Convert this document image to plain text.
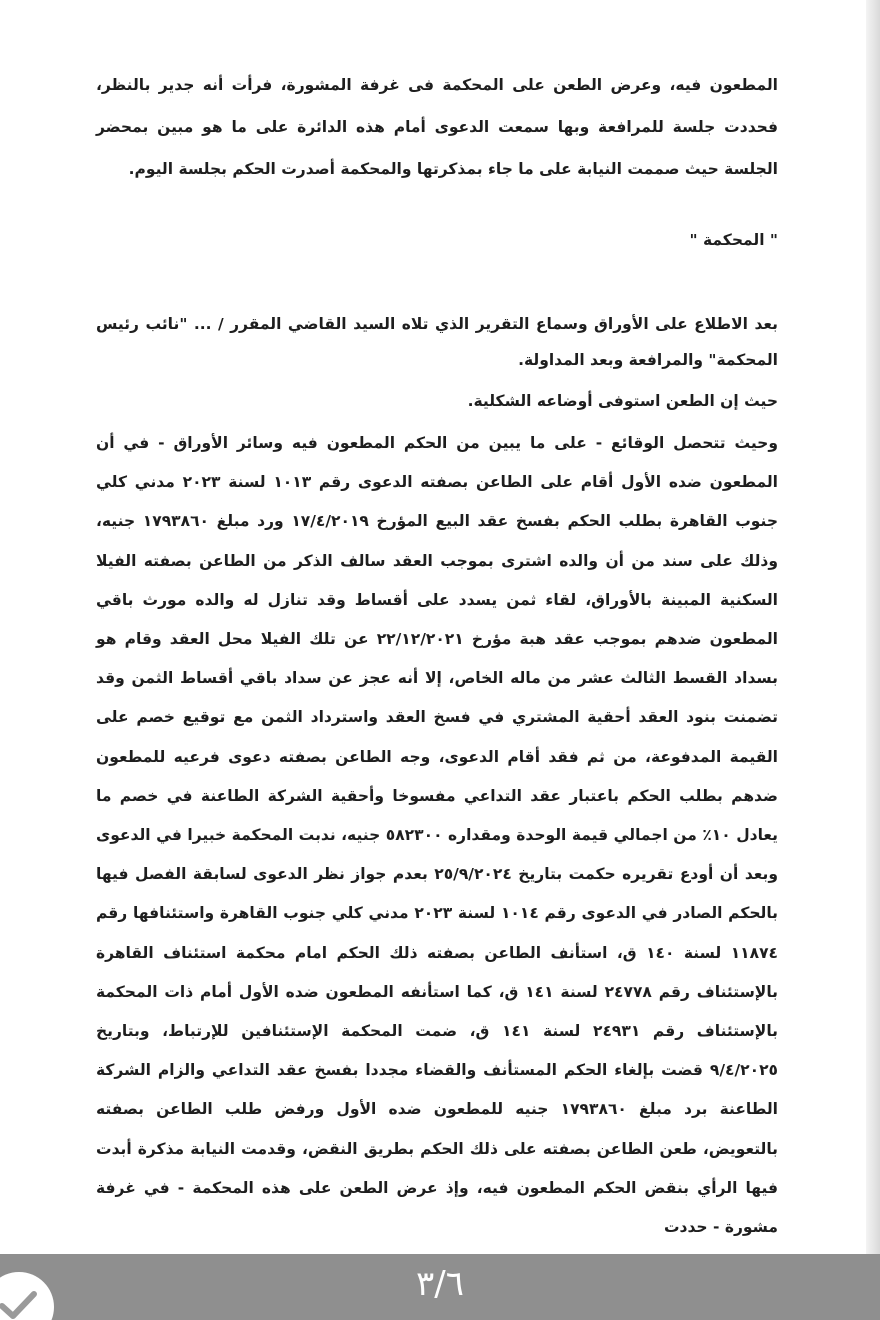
المطعون فيه، وعرض الطعن على المحكمة فى غرفة المشورة، فرأت أنه جدير بالنظر، فحددت جلسة للمرافعة وبها سمعت الدعوى أمام هذه الدائرة على ما هو مبين بمحضر الجلسة حيث صممت النيابة على ما جاء بمذكرتها والمحكمة أصدرت الحكم بجلسة اليوم.

" المحكمة "

بعد الاطلاع على الأوراق وسماع التقرير الذي تلاه السيد القاضي المقرر / ... "نائب رئيس المحكمة" والمرافعة وبعد المداولة.

حيث إن الطعن استوفى أوضاعه الشكلية.

وحيث تتحصل الوقائع - على ما يبين من الحكم المطعون فيه وسائر الأوراق - في أن المطعون ضده الأول أقام على الطاعن بصفته الدعوى رقم ١٠١٣ لسنة ٢٠٢٣ مدني كلي جنوب القاهرة بطلب الحكم بفسخ عقد البيع المؤرخ ١٧/٤/٢٠١٩ ورد مبلغ ١٧٩٣٨٦٠ جنيه، وذلك على سند من أن والده اشترى بموجب العقد سالف الذكر من الطاعن بصفته الفيلا السكنية المبينة بالأوراق، لقاء ثمن يسدد على أقساط وقد تنازل له والده مورث باقي المطعون ضدهم بموجب عقد هبة مؤرخ ٢٢/١٢/٢٠٢١ عن تلك الفيلا محل العقد وقام هو بسداد القسط الثالث عشر من ماله الخاص، إلا أنه عجز عن سداد باقي أقساط الثمن وقد تضمنت بنود العقد أحقية المشتري في فسخ العقد واسترداد الثمن مع توقيع خصم على القيمة المدفوعة، من ثم فقد أقام الدعوى، وجه الطاعن بصفته دعوى فرعيه للمطعون ضدهم بطلب الحكم باعتبار عقد التداعي مفسوخا وأحقية الشركة الطاعنة في خصم ما يعادل ١٠٪ من اجمالي قيمة الوحدة ومقداره ٥٨٢٣٠٠ جنيه، ندبت المحكمة خبيرا في الدعوى وبعد أن أودع تقريره حكمت بتاريخ ٢٥/٩/٢٠٢٤ بعدم جواز نظر الدعوى لسابقة الفصل فيها بالحكم الصادر في الدعوى رقم ١٠١٤ لسنة ٢٠٢٣ مدني كلي جنوب القاهرة واستئنافها رقم ١١٨٧٤ لسنة ١٤٠ ق، استأنف الطاعن بصفته ذلك الحكم امام محكمة استئناف القاهرة بالإستئناف رقم ٢٤٧٧٨ لسنة ١٤١ ق، كما استأنفه المطعون ضده الأول أمام ذات المحكمة بالإستئناف رقم ٢٤٩٣١ لسنة ١٤١ ق، ضمت المحكمة الإستئنافين للإرتباط، وبتاريخ ٩/٤/٢٠٢٥ قضت بإلغاء الحكم المستأنف والقضاء مجددا بفسخ عقد التداعي والزام الشركة الطاعنة برد مبلغ ١٧٩٣٨٦٠ جنيه للمطعون ضده الأول ورفض طلب الطاعن بصفته بالتعويض، طعن الطاعن بصفته على ذلك الحكم بطريق النقض، وقدمت النيابة مذكرة أبدت فيها الرأي بنقض الحكم المطعون فيه، وإذ عرض الطعن على هذه المحكمة - في غرفة مشورة - حددت

٣/٦
